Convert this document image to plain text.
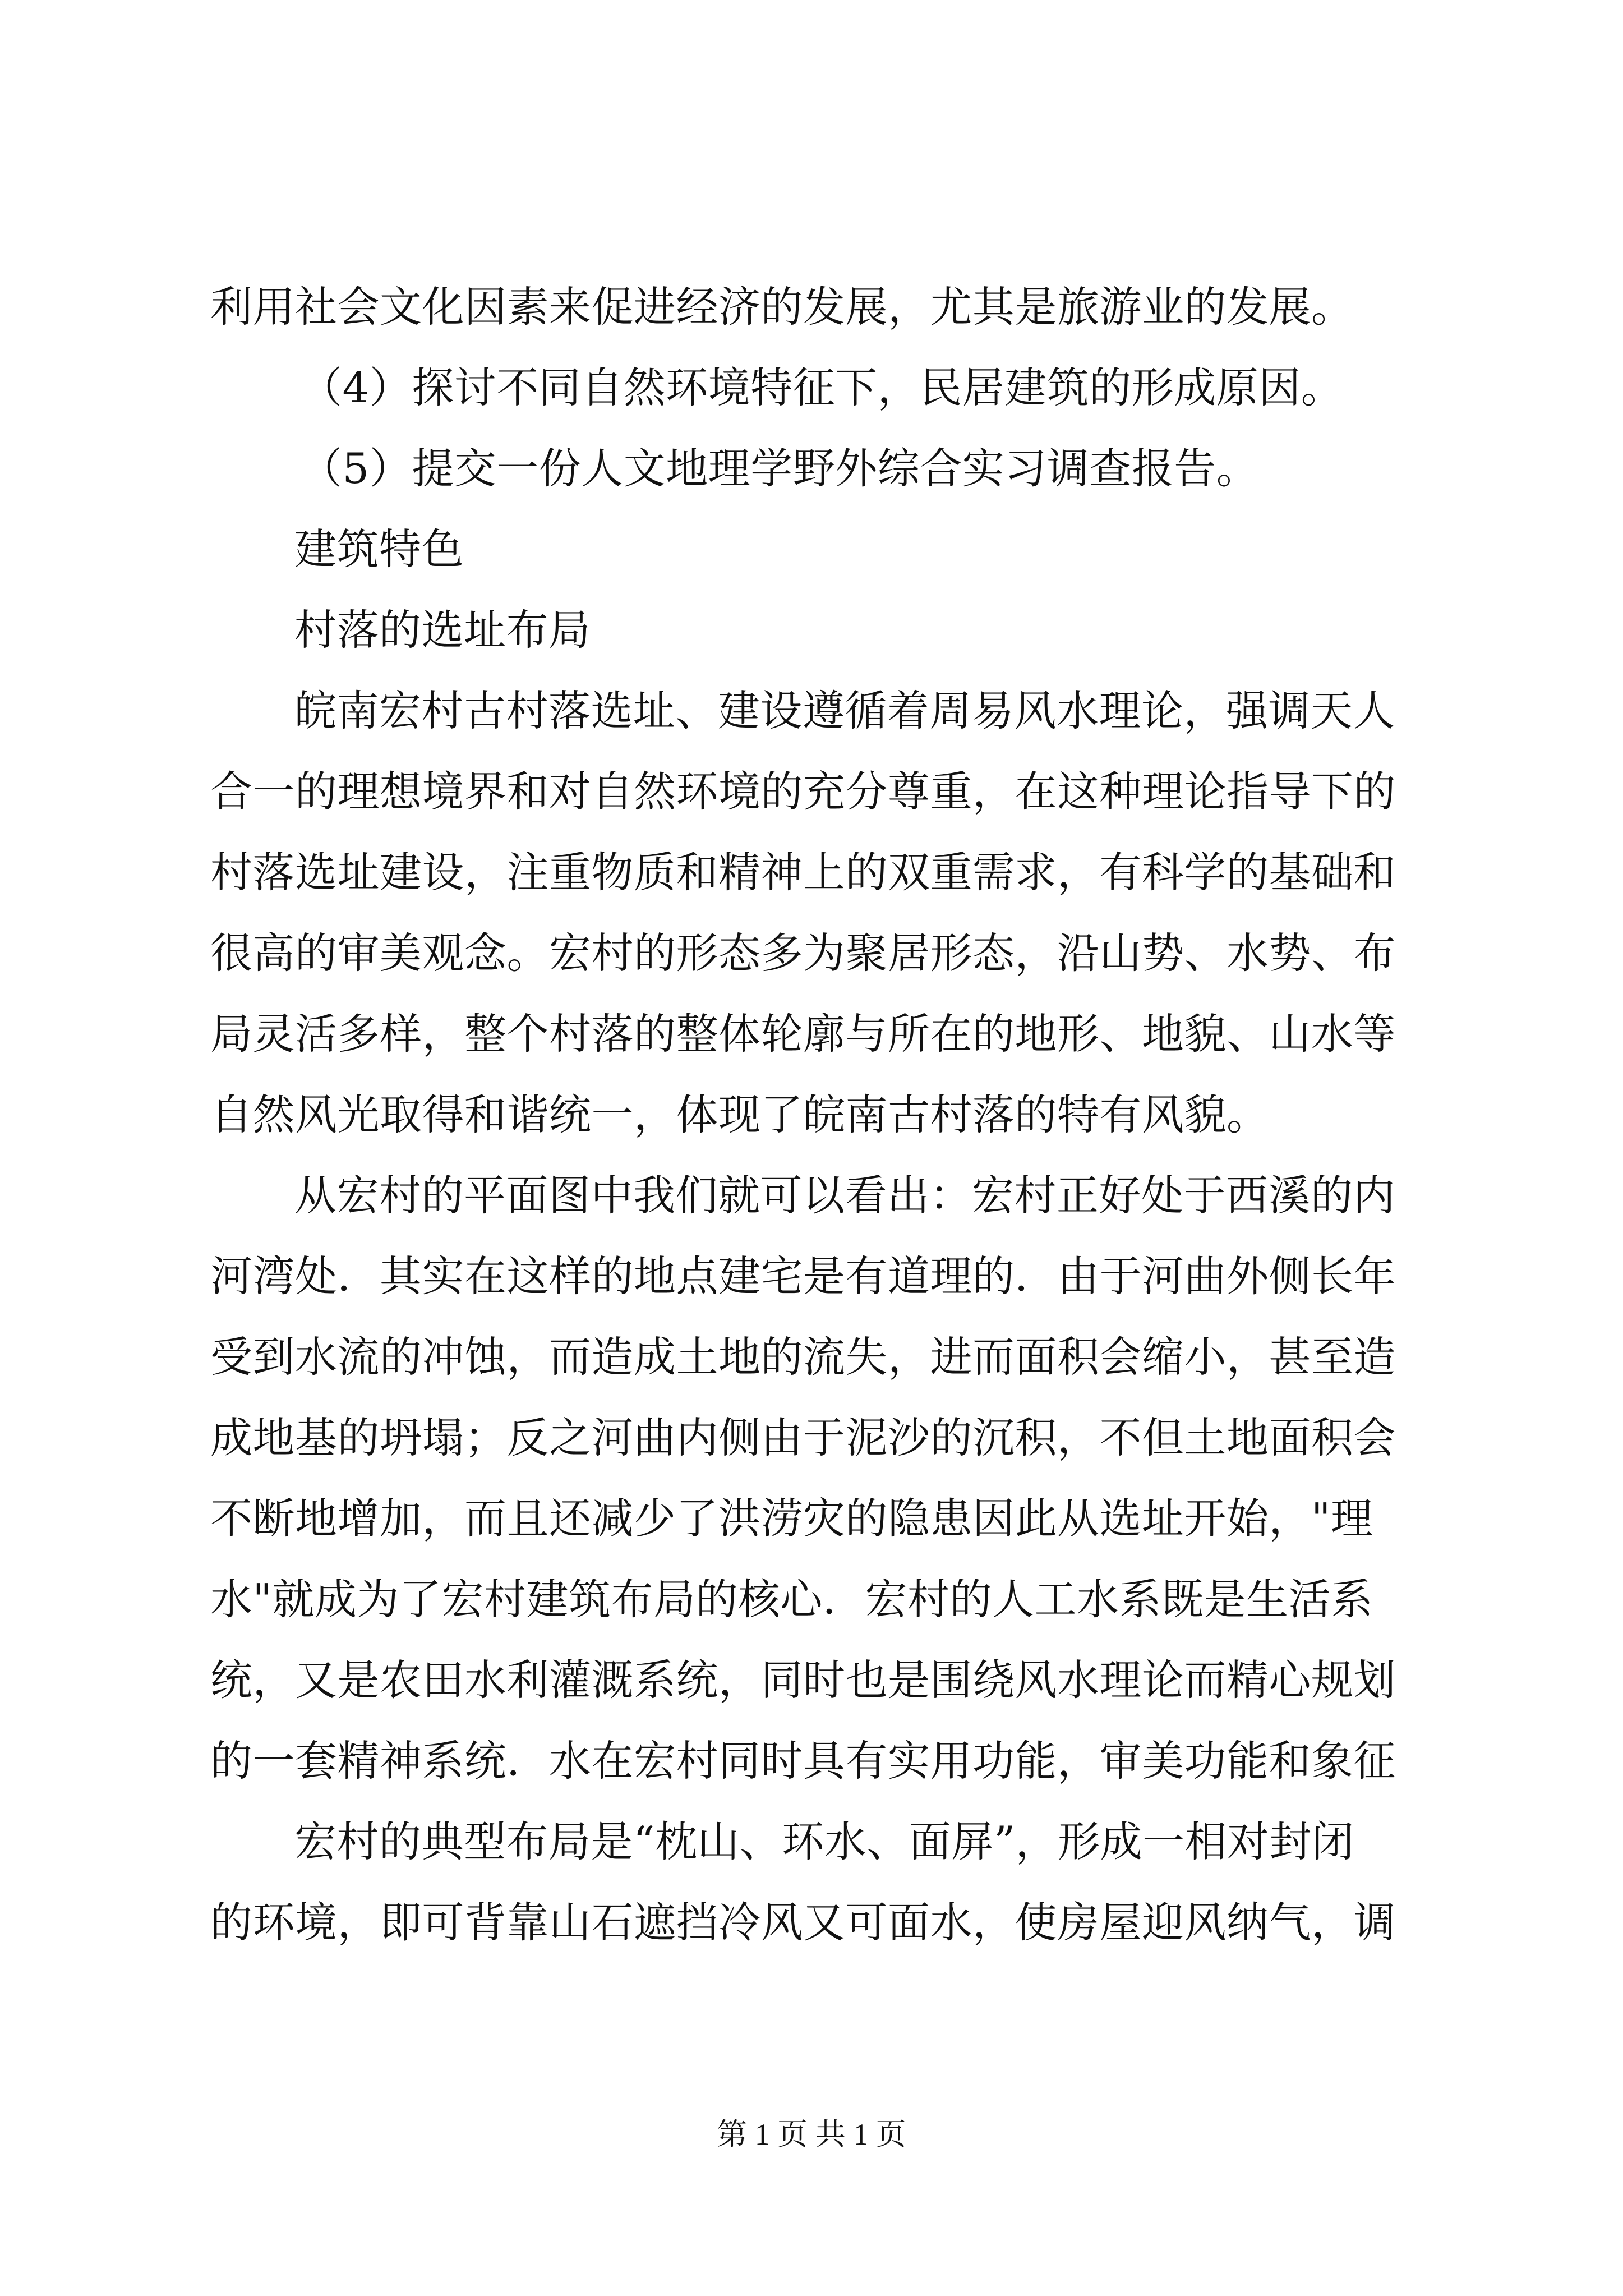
利用社会文化因素来促进经济的发展，尤其是旅游业的发展。
（4）探讨不同自然环境特征下，民居建筑的形成原因。
（5）提交一份人文地理学野外综合实习调查报告。
建筑特色
村落的选址布局
皖南宏村古村落选址、建设遵循着周易风水理论，强调天人
合一的理想境界和对自然环境的充分尊重，在这种理论指导下的
村落选址建设，注重物质和精神上的双重需求，有科学的基础和
很高的审美观念。宏村的形态多为聚居形态，沿山势、水势、布
局灵活多样，整个村落的整体轮廓与所在的地形、地貌、山水等
自然风光取得和谐统一，体现了皖南古村落的特有风貌。
从宏村的平面图中我们就可以看出：宏村正好处于西溪的内
河湾处．其实在这样的地点建宅是有道理的．由于河曲外侧长年
受到水流的冲蚀，而造成土地的流失，进而面积会缩小，甚至造
成地基的坍塌；反之河曲内侧由于泥沙的沉积，不但土地面积会
不断地增加，而且还减少了洪涝灾的隐患因此从选址开始，"理
水"就成为了宏村建筑布局的核心．宏村的人工水系既是生活系
统，又是农田水利灌溉系统，同时也是围绕风水理论而精心规划
的一套精神系统．水在宏村同时具有实用功能，审美功能和象征
宏村的典型布局是“枕山、环水、面屏”，形成一相对封闭
的环境，即可背靠山石遮挡冷风又可面水，使房屋迎风纳气，调
第 1 页 共 1 页
